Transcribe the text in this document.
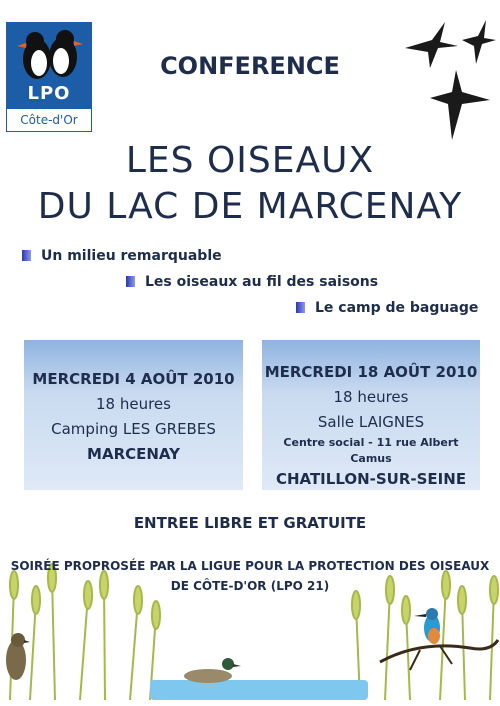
LPO
Côte-d'Or
CONFERENCE
LES OISEAUX
DU LAC DE MARCENAY
Un milieu remarquable
Les oiseaux au fil des saisons
Le camp de baguage
MERCREDI 4 AOÛT 2010
18 heures
Camping LES GREBES
MARCENAY
MERCREDI 18 AOÛT 2010
18 heures
Salle LAIGNES
Centre social - 11 rue Albert Camus
CHATILLON-SUR-SEINE
ENTREE LIBRE ET GRATUITE
SOIRÉE PROPROSÉE PAR LA LIGUE POUR LA PROTECTION DES OISEAUX
DE CÔTE-D'OR (LPO 21)
